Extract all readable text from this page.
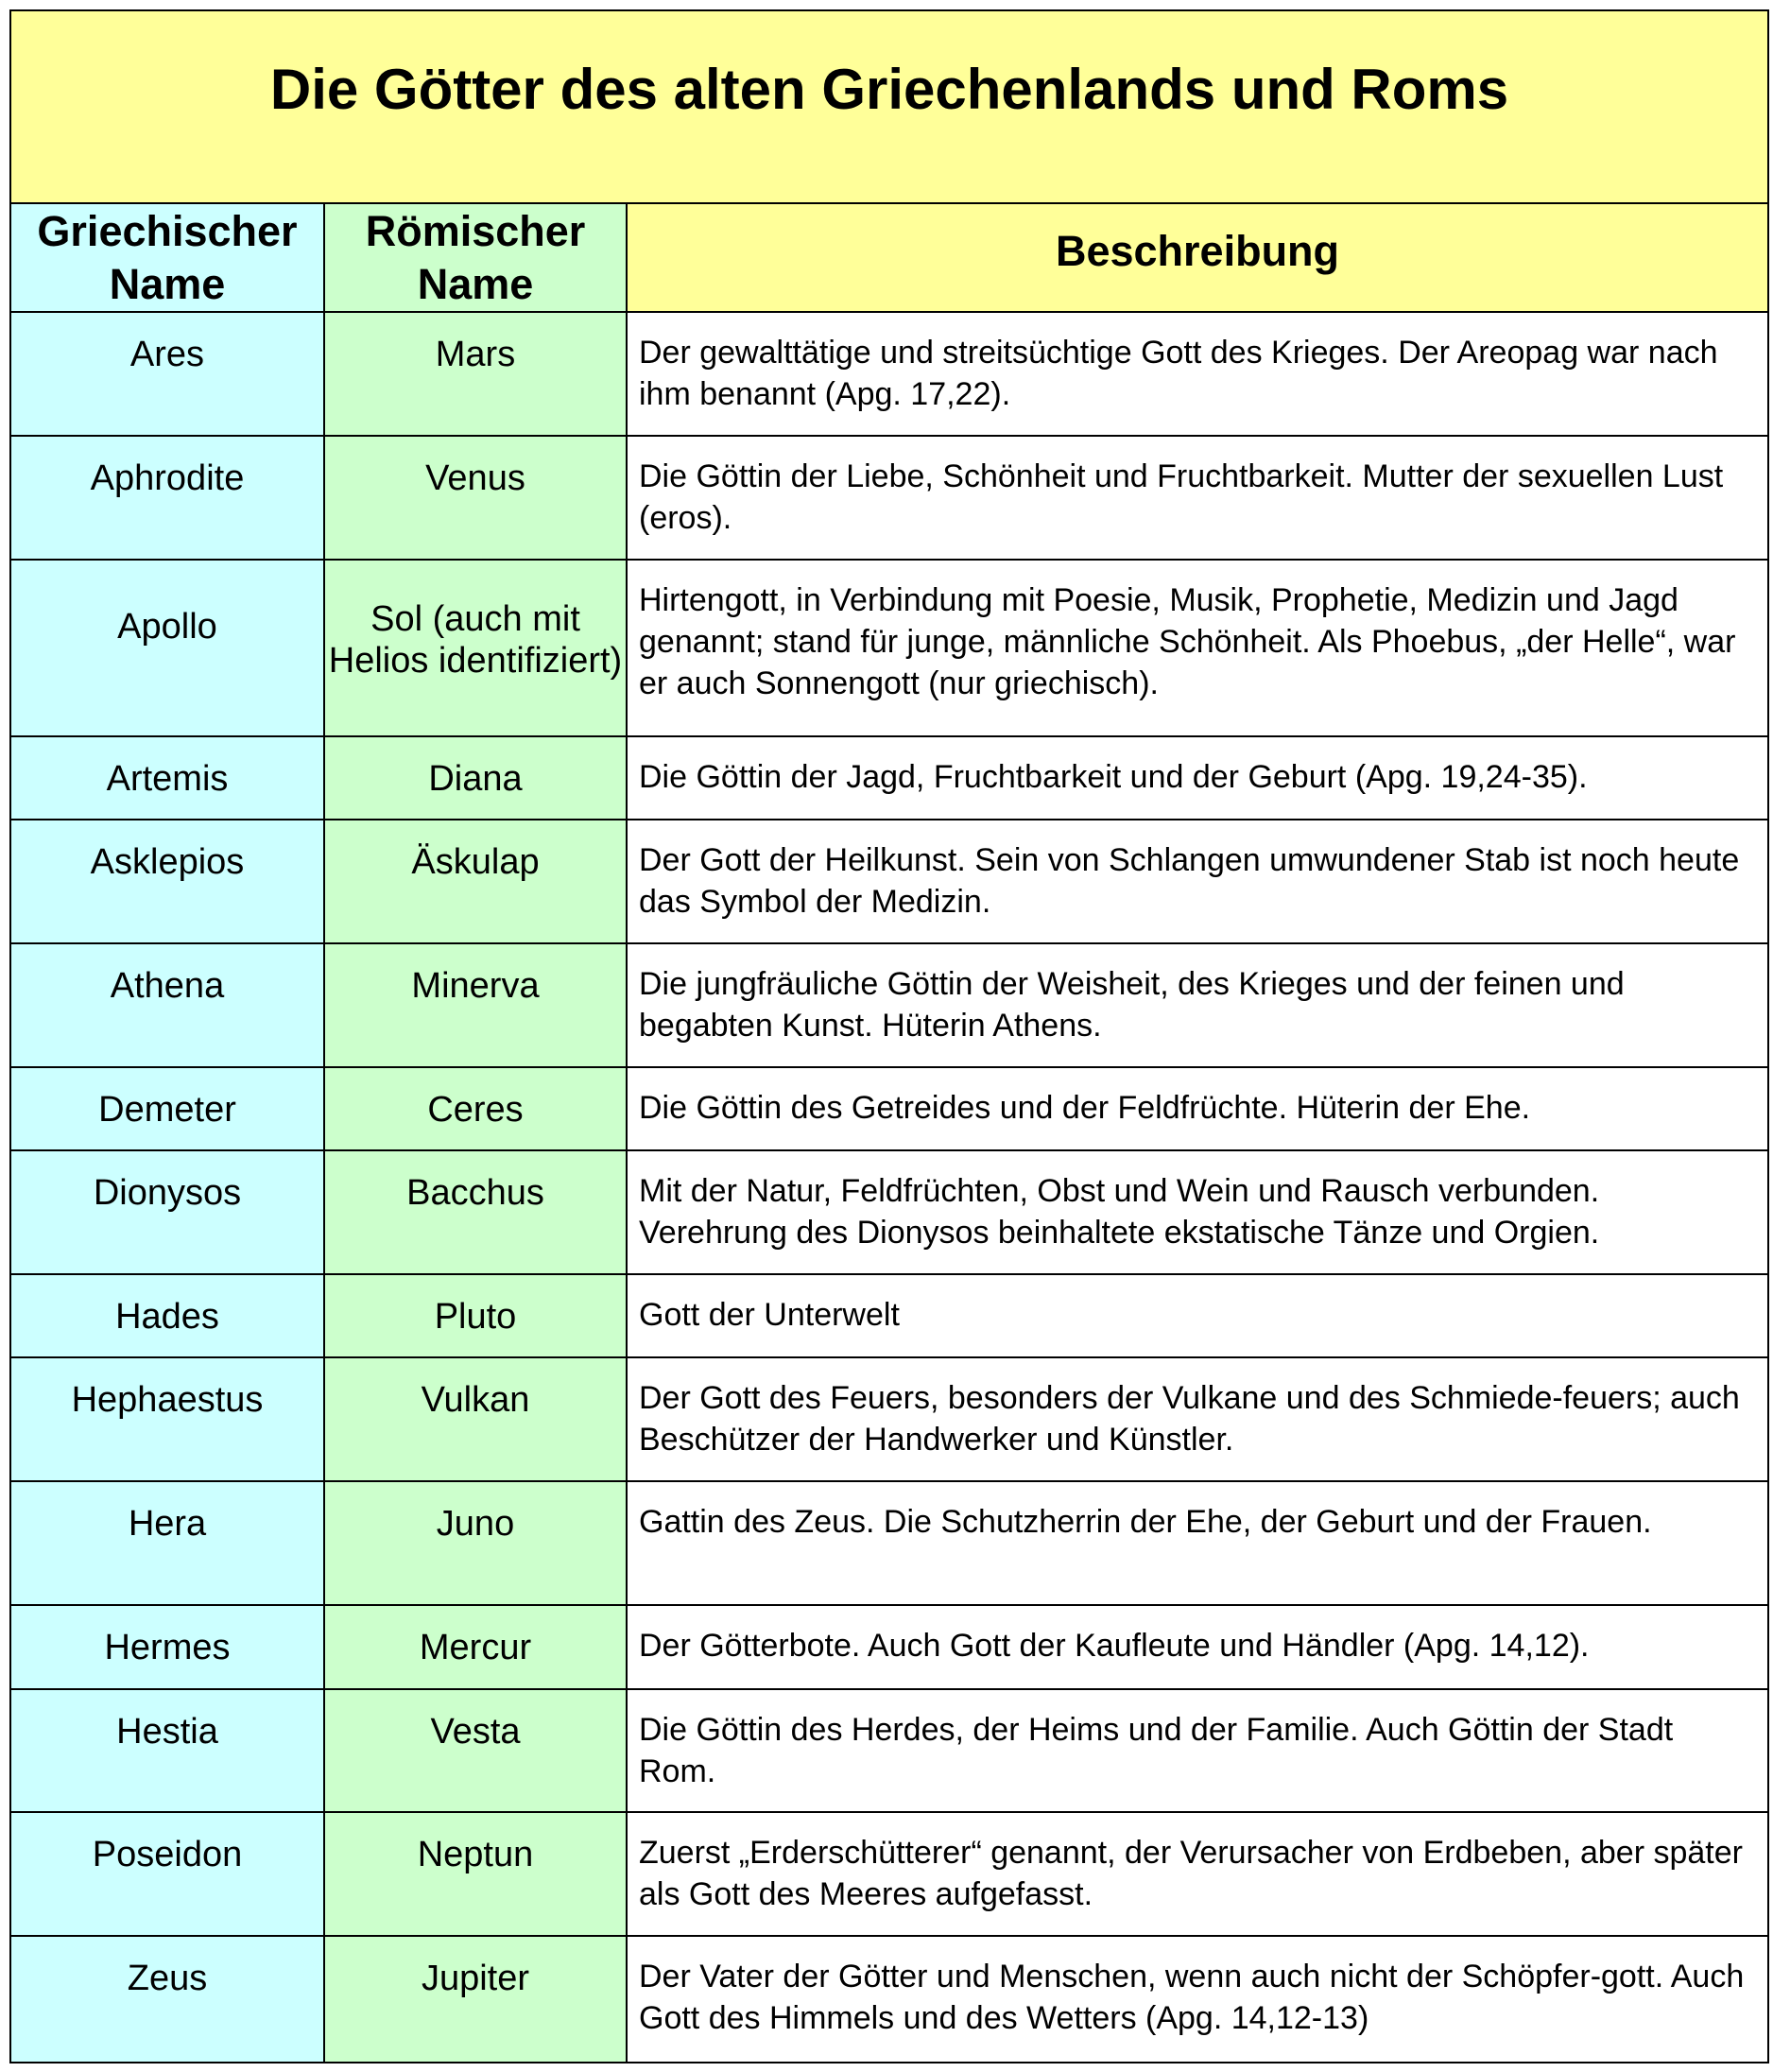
Die Götter des alten Griechenlands und Roms		
Griechischer Name	Römischer Name	Beschreibung

Ares	Mars	Der gewalttätige und streitsüchtige Gott des Krieges. Der Areopag war nach ihm benannt (Apg. 17,22).

Aphrodite	Venus	Die Göttin der Liebe, Schönheit und Fruchtbarkeit. Mutter der sexuellen Lust (eros).

Apollo	Sol (auch mit Helios identifiziert)	Hirtengott, in Verbindung mit Poesie, Musik, Prophetie, Medizin und Jagd genannt; stand für junge, männliche Schönheit. Als Phoebus, „der Helle“, war er auch Sonnengott (nur griechisch).

Artemis	Diana	Die Göttin der Jagd, Fruchtbarkeit und der Geburt (Apg. 19,24-35).

Asklepios	Äskulap	Der Gott der Heilkunst. Sein von Schlangen umwundener Stab ist noch heute das Symbol der Medizin.

Athena	Minerva	Die jungfräuliche Göttin der Weisheit, des Krieges und der feinen und begabten Kunst. Hüterin Athens.

Demeter	Ceres	Die Göttin des Getreides und der Feldfrüchte. Hüterin der Ehe.

Dionysos	Bacchus	Mit der Natur, Feldfrüchten, Obst und Wein und Rausch verbunden. Verehrung des Dionysos beinhaltete ekstatische Tänze und Orgien.

Hades	Pluto	Gott der Unterwelt

Hephaestus	Vulkan	Der Gott des Feuers, besonders der Vulkane und des Schmiede-feuers; auch Beschützer der Handwerker und Künstler.

Hera	Juno	Gattin des Zeus. Die Schutzherrin der Ehe, der Geburt und der Frauen.

Hermes	Mercur	Der Götterbote. Auch Gott der Kaufleute und Händler (Apg. 14,12).

Hestia	Vesta	Die Göttin des Herdes, der Heims und der Familie. Auch Göttin der Stadt Rom.

Poseidon	Neptun	Zuerst „Erderschütterer“ genannt, der Verursacher von Erdbeben, aber später als Gott des Meeres aufgefasst.

Zeus	Jupiter	Der Vater der Götter und Menschen, wenn auch nicht der Schöpfer-gott. Auch Gott des Himmels und des Wetters (Apg. 14,12-13)
